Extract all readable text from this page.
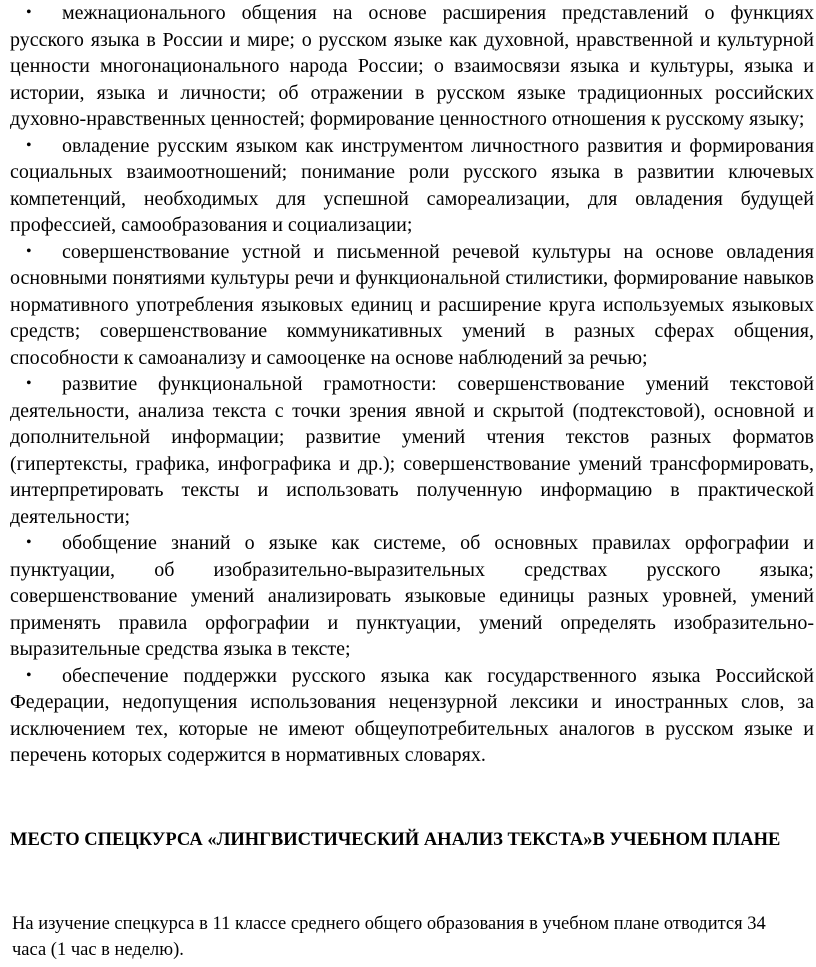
• межнационального общения на основе расширения представлений о функциях русского языка в России и мире; о русском языке как духовной, нравственной и культурной ценности многонационального народа России; о взаимосвязи языка и культуры, языка и истории, языка и личности; об отражении в русском языке традиционных российских духовно-нравственных ценностей; формирование ценностного отношения к русскому языку;
• овладение русским языком как инструментом личностного развития и формирования социальных взаимоотношений; понимание роли русского языка в развитии ключевых компетенций, необходимых для успешной самореализации, для овладения будущей профессией, самообразования и социализации;
• совершенствование устной и письменной речевой культуры на основе овладения основными понятиями культуры речи и функциональной стилистики, формирование навыков нормативного употребления языковых единиц и расширение круга используемых языковых средств; совершенствование коммуникативных умений в разных сферах общения, способности к самоанализу и самооценке на основе наблюдений за речью;
• развитие функциональной грамотности: совершенствование умений текстовой деятельности, анализа текста с точки зрения явной и скрытой (подтекстовой), основной и дополнительной информации; развитие умений чтения текстов разных форматов (гипертексты, графика, инфографика и др.); совершенствование умений трансформировать, интерпретировать тексты и использовать полученную информацию в практической деятельности;
• обобщение знаний о языке как системе, об основных правилах орфографии и пунктуации, об изобразительно-выразительных средствах русского языка; совершенствование умений анализировать языковые единицы разных уровней, умений применять правила орфографии и пунктуации, умений определять изобразительно-выразительные средства языка в тексте;
• обеспечение поддержки русского языка как государственного языка Российской Федерации, недопущения использования нецензурной лексики и иностранных слов, за исключением тех, которые не имеют общеупотребительных аналогов в русском языке и перечень которых содержится в нормативных словарях.
МЕСТО СПЕЦКУРСА «ЛИНГВИСТИЧЕСКИЙ АНАЛИЗ ТЕКСТА»В УЧЕБНОМ ПЛАНЕ

На изучение спецкурса в 11 классе среднего общего образования в учебном плане отводится 34 часа (1 час в неделю).
